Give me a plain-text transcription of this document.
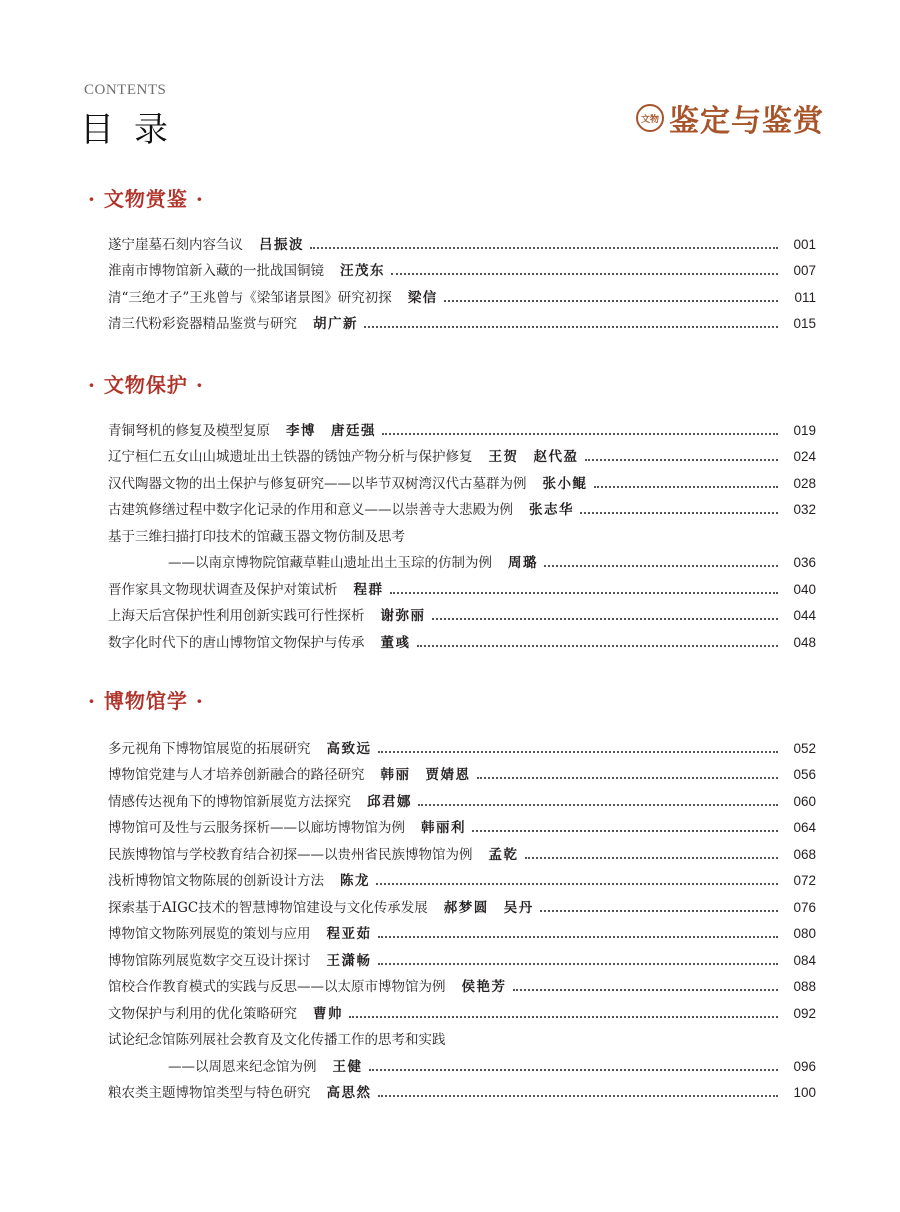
CONTENTS
目录	文物 鉴定与鉴赏
· 文物赏鉴 ·
遂宁崖墓石刻内容刍议 吕振波	001
淮南市博物馆新入藏的一批战国铜镜 汪茂东	007
清“三绝才子”王兆曾与《梁邹诸景图》研究初探 梁信	011
清三代粉彩瓷器精品鉴赏与研究 胡广新	015
· 文物保护 ·
青铜弩机的修复及模型复原 李博　唐廷强	019
辽宁桓仁五女山山城遗址出土铁器的锈蚀产物分析与保护修复 王贺　赵代盈	024
汉代陶器文物的出土保护与修复研究——以毕节双树湾汉代古墓群为例 张小鲲	028
古建筑修缮过程中数字化记录的作用和意义——以崇善寺大悲殿为例 张志华	032
基于三维扫描打印技术的馆藏玉器文物仿制及思考
——以南京博物院馆藏草鞋山遗址出土玉琮的仿制为例 周璐	036
晋作家具文物现状调查及保护对策试析 程群	040
上海天后宫保护性利用创新实践可行性探析 谢弥丽	044
数字化时代下的唐山博物馆文物保护与传承 董彧	048
· 博物馆学 ·
多元视角下博物馆展览的拓展研究 高致远	052
博物馆党建与人才培养创新融合的路径研究 韩丽　贾婧恩	056
情感传达视角下的博物馆新展览方法探究 邱君娜	060
博物馆可及性与云服务探析——以廊坊博物馆为例 韩丽利	064
民族博物馆与学校教育结合初探——以贵州省民族博物馆为例 孟乾	068
浅析博物馆文物陈展的创新设计方法 陈龙	072
探索基于AIGC技术的智慧博物馆建设与文化传承发展 郝梦圆　吴丹	076
博物馆文物陈列展览的策划与应用 程亚茹	080
博物馆陈列展览数字交互设计探讨 王潇畅	084
馆校合作教育模式的实践与反思——以太原市博物馆为例 侯艳芳	088
文物保护与利用的优化策略研究 曹帅	092
试论纪念馆陈列展社会教育及文化传播工作的思考和实践
——以周恩来纪念馆为例 王健	096
粮农类主题博物馆类型与特色研究 高思然	100
